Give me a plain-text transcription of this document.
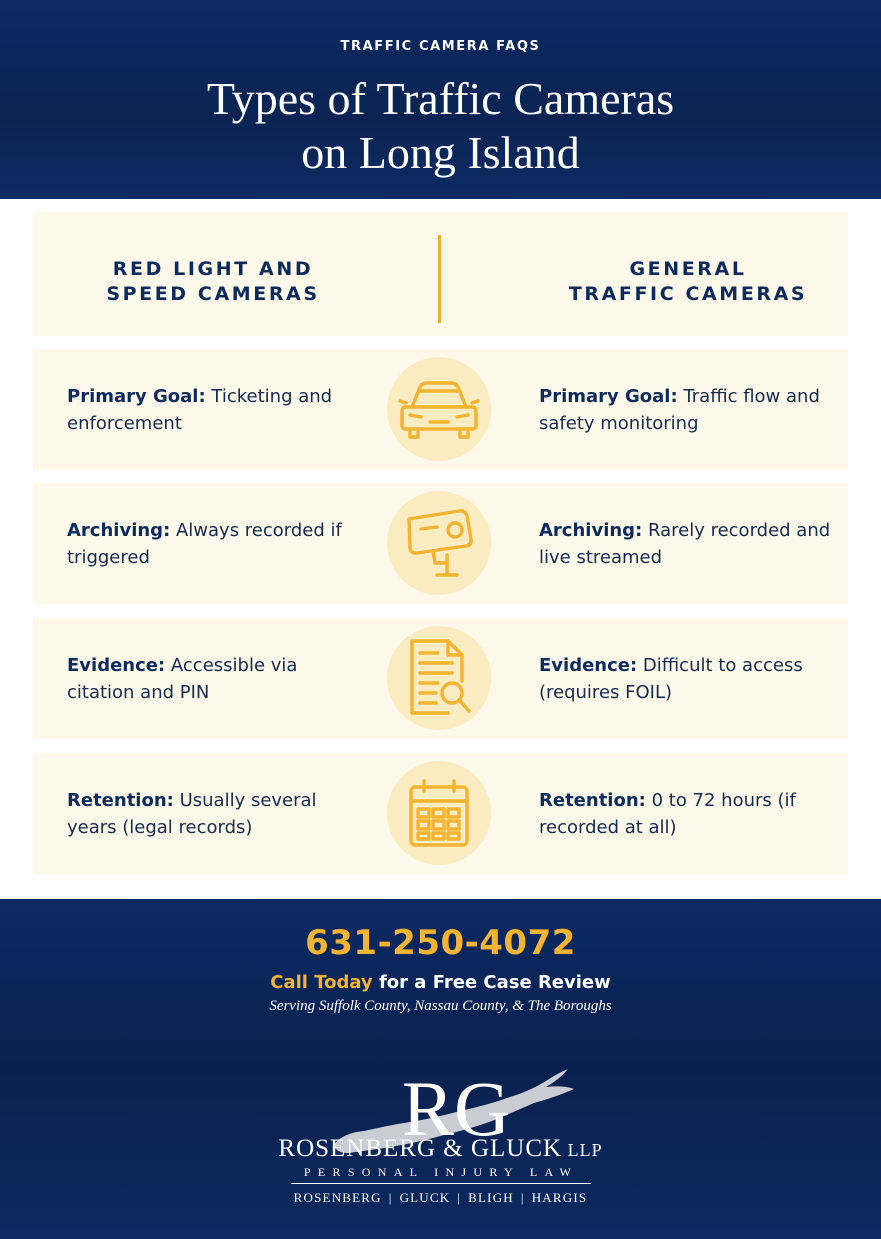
TRAFFIC CAMERA FAQS
Types of Traffic Cameras
on Long Island
RED LIGHT AND
SPEED CAMERAS
GENERAL
TRAFFIC CAMERAS

Primary Goal: Ticketing and enforcement

Primary Goal: Traffic flow and safety monitoring

Archiving: Always recorded if triggered

Archiving: Rarely recorded and live streamed

Evidence: Accessible via citation and PIN

Evidence: Difficult to access (requires FOIL)

Retention: Usually several years (legal records)

Retention: 0 to 72 hours (if recorded at all)

631-250-4072
Call Today for a Free Case Review
Serving Suffolk County, Nassau County, & The Boroughs
RG
ROSENBERG & GLUCK LLP
PERSONAL INJURY LAW
ROSENBERG | GLUCK | BLIGH | HARGIS
